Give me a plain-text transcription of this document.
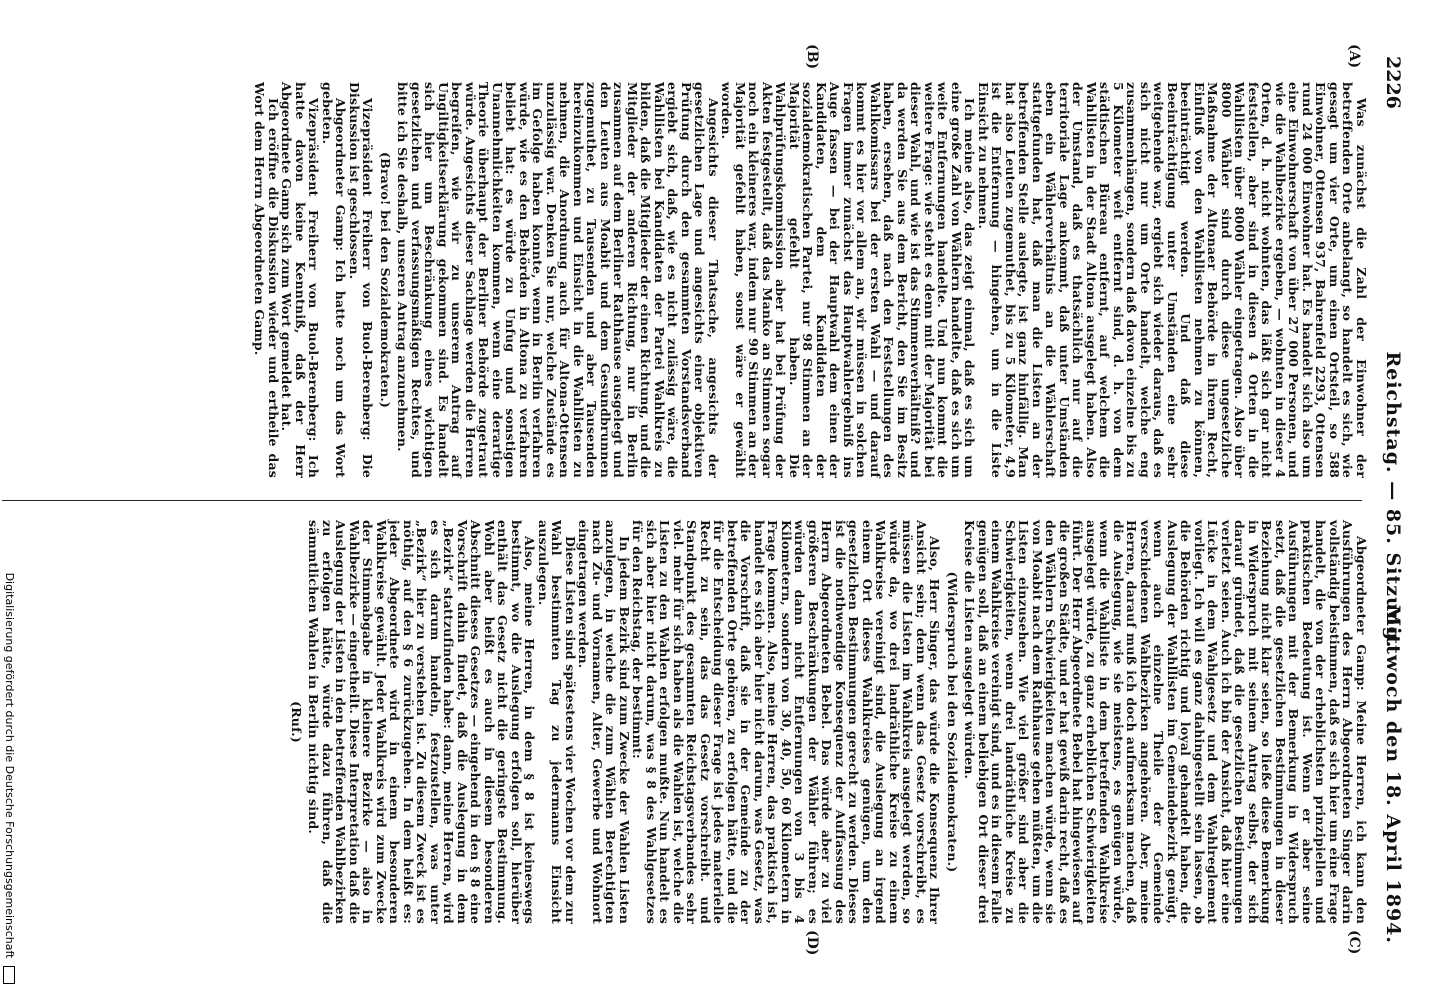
2226
Reichstag. — 85. Sitzung.
Mittwoch den 18. April 1894.
(A)
(B)
(C)
(D)

Was zunächst die Zahl der Einwohner der betreffenden Orte anbelangt, so handelt es sich, wie gesagt um vier Orte, um einen Ortsteil, so 588 Einwohner, Ottensen 937, Bahrenfeld 2293, Ottensen rund 24 000 Einwohner hat. Es handelt sich also um eine Einwohnerschaft von über 27 000 Personen, und wie die Wahlbezirke ergeben, — wohnten in dieser 4 Orten, d. h. nicht wohnten, das läßt sich gar nicht feststellen, aber sind in diesen 4 Orten in die Wahllisten über 8000 Wähler eingetragen. Also über 8000 Wähler sind durch diese ungesetzliche Maßnahme der Altonaer Behörde in ihrem Recht, Einfluß von den Wahllisten nehmen zu können, beeinträchtigt werden. Und daß diese Beeinträchtigung unter Umständen eine sehr weitgehende war, ergiebt sich wieder daraus, daß es sich nicht nur um Orte handelt, welche eng zusammenhängen, sondern daß davon einzelne bis zu 5 Kilometer weit entfernt sind, d. h. von dem städtischen Büreau entfernt, auf welchem die Wahllisten in der Stadt Altona ausgelegt haben. Also der Umstand, daß es thatsächlich nur auf die territoriale Lage ankommt, daß unter Umständen eben ein Wählerverhältnis an die Wählerschaft stattgefunden hat, daß man die Listen an der betreffenden Stelle auslegte, ist ganz hinfällig. Man hat also Leuten zugemuthet, bis zu 5 Kilometer, 4,9 ist die Entfernung — hingehen, um in die Liste Einsicht zu nehmen.

Ich meine also, das zeigt einmal, daß es sich um eine große Zahl von Wählern handelte, daß es sich um weite Entfernungen handelte. Und nun kommt die weitere Frage: wie steht es denn mit der Majorität bei dieser Wahl, und wie ist das Stimmenverhältniß? und da werden Sie aus dem Bericht, den Sie im Besitz haben, ersehen, daß nach den Feststellungen des Wahlkomissars bei der ersten Wahl — und darauf kommt es hier vor allem an, wir müssen in solchen Fragen immer zunächst das Hauptwahlergebniß ins Auge fassen — bei der Hauptwahl dem einen der Kandidaten, dem Kandidaten der sozialdemokratischen Partei, nur 98 Stimmen an der Majorität gefehlt haben. Die Wahlprüfungskommission aber hat bei Prüfung der Akten festgestellt, daß das Manko an Stimmen sogar noch ein kleineres war, indem nur 90 Stimmen an der Majorität gefehlt haben, sonst wäre er gewählt worden.

Angesichts dieser Thatsache, angesichts der gesetzlichen Lage und angesichts einer objektiven Prüfung durch den gesammten Vorstandsverband ergiebt sich, daß, wie es nicht zulässig wäre, die Wahllisten bei Kandidaten der Partei Wahlkreis zu bilden, daß die Mitglieder der einen Richtung, und die Mitglieder der anderen Richtung, nur in Berlin zusammen auf dem Berliner Rathhause ausgelegt und den Leuten aus Moabit und dem Gesundbrunnen zugemuthet, zu Tausenden und aber Tausenden hereinzukommen und Einsicht in die Wahllisten zu nehmen, die Anordnung auch für Altona-Ottensen unzulässig war. Denken Sie nur, welche Zustände es im Gefolge haben konnte, wenn in Berlin verfahren würde, wie es den Behörden in Altona zu verfahren beliebt hat: es würde zu Unfug und sonstigen Unannehmlichkeiten kommen, wenn eine derartige Theorie überhaupt der Berliner Behörde zugetraut würde. Angesichts dieser Sachlage werden die Herren begreifen, wie wir zu unserem Antrag auf Ungiltigkeitserklärung gekommen sind. Es handelt sich hier um Beschränkung eines wichtigen gesetzlichen und verfassungsmäßigen Rechtes, und bitte ich Sie deshalb, unseren Antrag anzunehmen.

(Bravo! bei den Sozialdemokraten.)

Vizepräsident Freiherr von Buol-Berenberg: Die Diskussion ist geschlossen.

Abgeordneter Gamp: Ich hatte noch um das Wort gebeten.

Vizepräsident Freiherr von Buol-Berenberg: Ich hatte davon keine Kenntniß, daß der Herr Abgeordnete Gamp sich zum Wort gemeldet hat.

Ich eröffne die Diskussion wieder und ertheile das Wort dem Herrn Abgeordneten Gamp.

Abgeordneter Gamp: Meine Herren, ich kann den Ausführungen des Herrn Abgeordneten Singer darin vollständig beistimmen, daß es sich hier um eine Frage handelt, die von der erheblichsten prinzipiellen und praktischen Bedeutung ist. Wenn er aber seine Ausführungen mit der Bemerkung in Widerspruch setzt, daß die gesetzlichen Bestimmungen in dieser Beziehung nicht klar seien, so ließe diese Bemerkung in Widerspruch mit seinem Antrag selbst, der sich darauf gründet, daß die gesetzlichen Bestimmungen verletzt seien. Auch ich bin der Ansicht, daß hier eine Lücke in dem Wahlgesetz und dem Wahlreglement vorliegt. Ich will es ganz dahingestellt sein lassen, ob die Behörden richtig und loyal gehandelt haben, die Auslegung der Wahllisten im Gemeindebezirk genügt, wenn auch einzelne Theile der Gemeinde verschiedenen Wahlbezirken angehören. Aber, meine Herren, darauf muß ich doch aufmerksam machen, daß die Auslegung, wie sie meistens, es genügen würde, wenn die Wahlliste in dem betreffenden Wahlkreise ausgelegt würde, zu ganz erheblichen Schwierigkeiten führt. Der Herr Abgeordnete Bebel hat hingewiesen auf die großen Städte, und er hat gewiß darin recht, daß es den Wählern Schwierigkeiten machen würde, wenn sie von Moabit nach dem Rathhause gehen müßten, um die Listen einzusehen. Wie viel größer sind aber die Schwierigkeiten, wenn drei landräthliche Kreise zu einem Wahlkreise vereinigt sind, und es in diesem Falle genügen soll, daß an einem beliebigen Ort dieser drei Kreise die Listen ausgelegt würden.

(Widerspruch bei den Sozialdemokraten.)

Also, Herr Singer, das würde die Konsequenz Ihrer Ansicht sein; denn wenn das Gesetz vorschreibt, es müssen die Listen im Wahlkreis ausgelegt werden, so würde da, wo drei landräthliche Kreise zu einem Wahlkreise vereinigt sind, die Auslegung an irgend einem Ort dieses Wahlkreises genügen, um den gesetzlichen Bestimmungen gerecht zu werden. Dieses ist die nothwendige Konsequenz der Auffassung des Herrn Abgeordneten Bebel. Das würde aber zu viel größeren Beschränkungen der Wähler führen; es würden dann nicht Entfernungen von 3 bis 4 Kilometern, sondern von 30, 40, 50, 60 Kilometern in Frage kommen. Also, meine Herren, das praktisch ist, handelt es sich aber hier nicht darum, was Gesetz, was die Vorschrift, daß sie in der Gemeinde zu der betreffenden Orte gehören, zu erfolgen hätte, und die für die Entscheidung dieser Frage ist jedes materielle Recht zu sein, das das Gesetz vorschreibt. und Standpunkt des gesammten Reichstagsverbandes sehr viel. mehr für sich haben als die Wahlen ist, welche die Listen zu den Wahlen erfolgen mußte. Nun handelt es sich aber hier nicht darum, was § 8 des Wahlgesetzes für den Reichstag, der bestimmt:

In jedem Bezirk sind zum Zwecke der Wahlen Listen anzulegen, in welche die zum Wählen Berechtigten nach Zu- und Vornamen, Alter, Gewerbe und Wohnort eingetragen werden.

Diese Listen sind spätestens vier Wochen vor dem zur Wahl bestimmten Tag zu jedermanns Einsicht auszulegen.

Also, meine Herren, in dem § 8 ist keineswegs bestimmt, wo die Auslegung erfolgen soll, hierüber enthält das Gesetz nicht die geringste Bestimmung. Wohl aber heißt es auch in diesem besonderen Abschnitt dieses Gesetzes — eingehend in den § 8 eine Vorschrift dahin findet, daß die Auslegung in dem „Bezirk“ stattzufinden habe: dann, meine Herren, wird es sich darum handeln, festzustellen, was unter „Bezirk“ hier zu verstehen ist. Zu diesem Zweck ist es nöthig, auf den § 6 zurückzugehen. In dem heißt es: jeder Abgeordnete wird in einem besonderen Wahlkreise gewählt. Jeder Wahlkreis wird zum Zwecke der Stimmabgabe in kleinere Bezirke — also in Wahlbezirke — eingetheilt. Diese Interpretation daß die Auslegung der Listen in den betreffenden Wahlbezirken zu erfolgen hätte, würde dazu führen, daß die sämmtlichen Wahlen in Berlin nichtig sind.

(Ruf.)

Digitalisierung gefördert durch die Deutsche Forschungsgemeinschaft
